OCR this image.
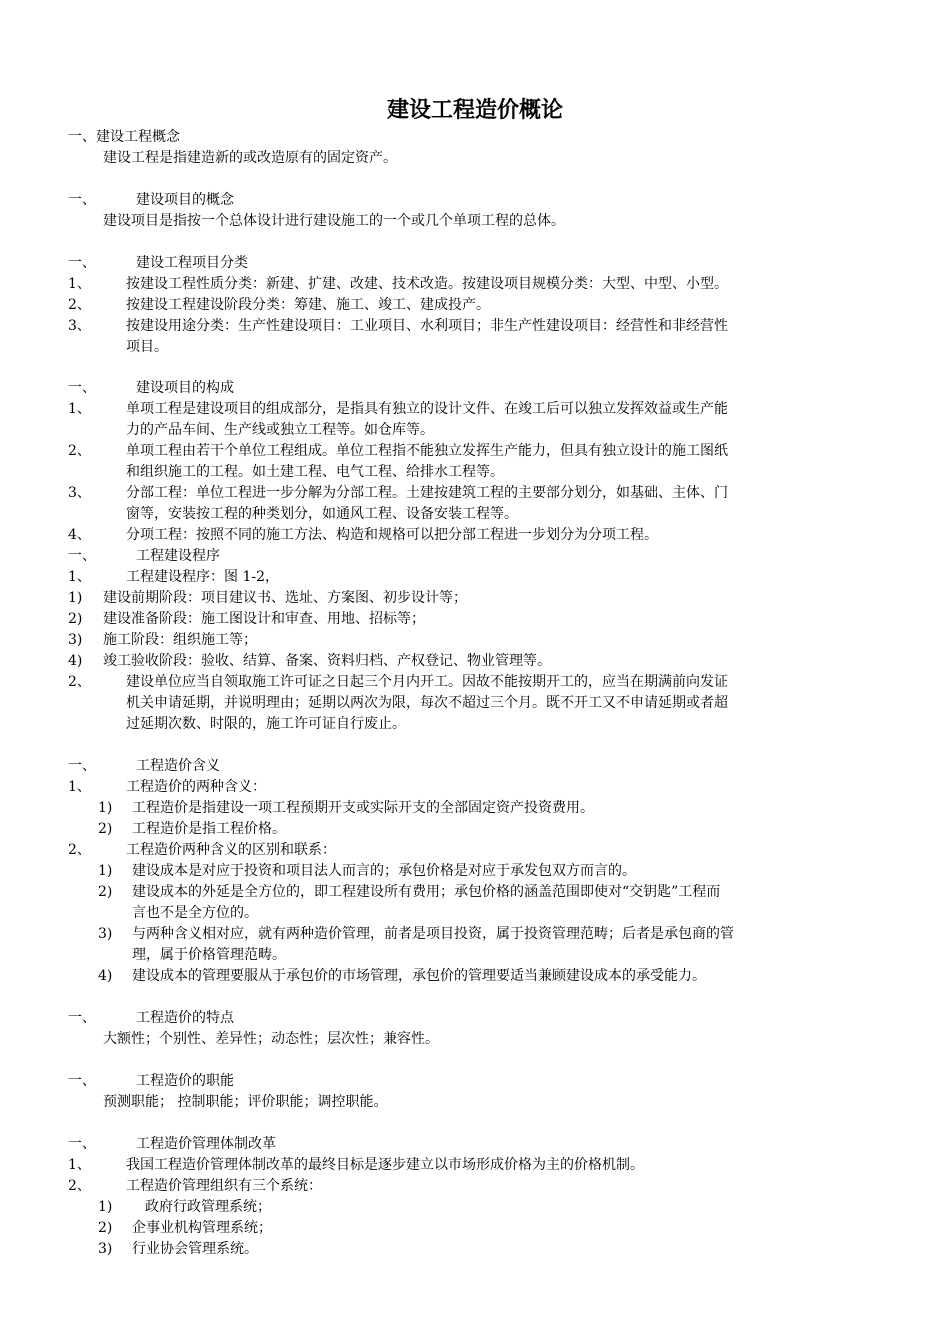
建设工程造价概论
一、建设工程概念
建设工程是指建造新的或改造原有的固定资产。
一、	建设项目的概念
建设项目是指按一个总体设计进行建设施工的一个或几个单项工程的总体。
一、	建设工程项目分类
1、	按建设工程性质分类：新建、扩建、改建、技术改造。按建设项目规模分类：大型、中型、小型。
2、	按建设工程建设阶段分类：筹建、施工、竣工、建成投产。
3、	按建设用途分类：生产性建设项目：工业项目、水利项目；非生产性建设项目：经营性和非经营性
项目。
一、	建设项目的构成
1、	单项工程是建设项目的组成部分，是指具有独立的设计文件、在竣工后可以独立发挥效益或生产能
力的产品车间、生产线或独立工程等。如仓库等。
2、	单项工程由若干个单位工程组成。单位工程指不能独立发挥生产能力，但具有独立设计的施工图纸
和组织施工的工程。如土建工程、电气工程、给排水工程等。
3、	分部工程：单位工程进一步分解为分部工程。土建按建筑工程的主要部分划分，如基础、主体、门
窗等，安装按工程的种类划分，如通风工程、设备安装工程等。
4、	分项工程：按照不同的施工方法、构造和规格可以把分部工程进一步划分为分项工程。
一、	工程建设程序
1、	工程建设程序：图 1-2，
1) 建设前期阶段：项目建议书、选址、方案图、初步设计等；
2) 建设准备阶段：施工图设计和审查、用地、招标等；
3) 施工阶段：组织施工等；
4) 竣工验收阶段：验收、结算、备案、资料归档、产权登记、物业管理等。
2、	建设单位应当自领取施工许可证之日起三个月内开工。因故不能按期开工的，应当在期满前向发证
机关申请延期，并说明理由；延期以两次为限，每次不超过三个月。既不开工又不申请延期或者超
过延期次数、时限的，施工许可证自行废止。
一、	工程造价含义
1、	工程造价的两种含义：
1) 工程造价是指建设一项工程预期开支或实际开支的全部固定资产投资费用。
2) 工程造价是指工程价格。
2、	工程造价两种含义的区别和联系：
1) 建设成本是对应于投资和项目法人而言的；承包价格是对应于承发包双方而言的。
2) 建设成本的外延是全方位的，即工程建设所有费用；承包价格的涵盖范围即使对“交钥匙”工程而
言也不是全方位的。
3) 与两种含义相对应，就有两种造价管理，前者是项目投资，属于投资管理范畴；后者是承包商的管
理，属于价格管理范畴。
4) 建设成本的管理要服从于承包价的市场管理，承包价的管理要适当兼顾建设成本的承受能力。
一、	工程造价的特点
大额性；个别性、差异性；动态性；层次性；兼容性。
一、	工程造价的职能
预测职能； 控制职能；评价职能；调控职能。
一、	工程造价管理体制改革
1、	我国工程造价管理体制改革的最终目标是逐步建立以市场形成价格为主的价格机制。
2、	工程造价管理组织有三个系统：
1) 政府行政管理系统；
2) 企事业机构管理系统；
3) 行业协会管理系统。
